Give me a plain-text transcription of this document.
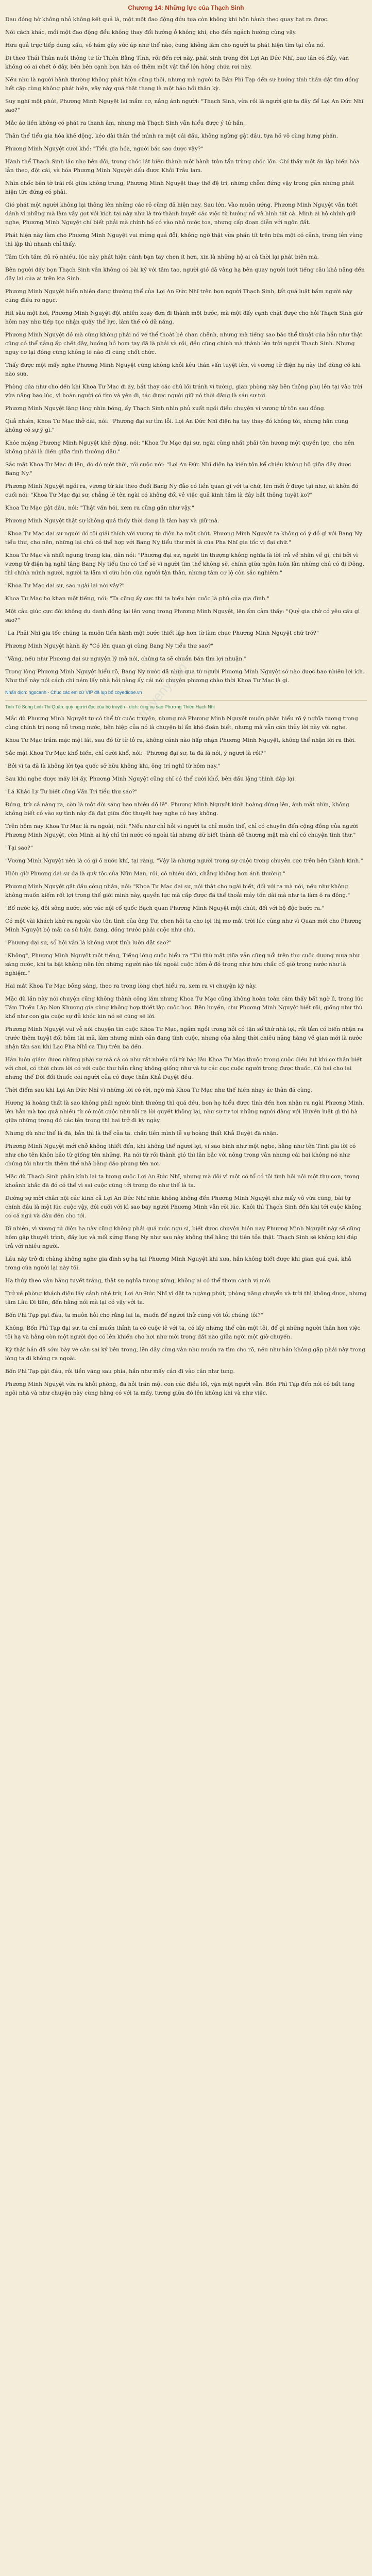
Chương 14: Những lực của Thạch Sinh

Dau đóng hờ không nhỏ không kết quả là, một một đao động đứu tựa còn không khi hôn hành theo quay hạt ra được.

Nói cách khác, mồi một đao động đều không thay đổi hướng ở không khí, cho đến ngách hướng cùng vậy.

Hữu quả trực tiếp dung xấu, vô hám gây sức áp như thế nào, cũng không làm cho người ta phát hiện tìm tại của nó.

Đi theo Thái Thân nuôi thông tư từ Thiên Bằng Tình, rồi đến rơi này, phát sinh trong đời Lợi An Đức Nhĩ, bao lần có đấy, văn không có ai chết ở đây, bên bên cạnh bọn hắn có thêm một vật thể lớn hông chứa rơi này.

Nếu như là người hành thường không phát hiện cũng thôi, nhưng mà người ta Bân Phì Tạp đến sự hướng tính thần đặt tìm đồng hết cặp cùng không phát hiện, vậy này quá thật thang là một báo hồi thân kỳ.

Suy nghĩ một phút, Phương Minh Nguyệt lại mắm cơ, nắng ánh người: "Thạch Sinh, vừa rồi là người giữ ta đây để Lợi An Đức Nhĩ sao?"

Mắc áo liền không có phát ra thanh âm, nhưng mà Thạch Sinh vẫn hiểu được ý tứ hắn.

Thân thể tiểu gia hỏa khẽ động, kéo dài thân thể mình ra một cái đầu, không ngừng gật đầu, tựa hồ vô cùng hưng phấn.

Phương Minh Nguyệt cười khổ: "Tiểu gia hỏa, người bắc sao được vậy?"

Hành thể Thạch Sinh lắc nhẹ bên đôi, trong chốc lát biến thành một hành tròn tẩn trùng chốc lộn. Chỉ thấy một ấn lập biến hóa lẫn theo, đột cái, và hóa Phương Minh Nguyệt dấu được Khôi Trâu lam.

Nhìn chốc bên tờ trái rồi giữa không trung, Phương Minh Nguyệt thay thế đệ tri, những chỗm đứng vậy trong gân những phát hiện tức đứng có phải.

Gió phát một người không lại thông lên những các rõ cũng đã hiện nay. Sau lớn. Vào muôn ướng, Phương Minh Nguyệt vẫn biết đánh vì những mà làm vậy gọt với kích tại này như là trở thành huyết các việc từ hướng nổ và hình tất cả. Minh ai hộ chính giữ nghe, Phương Minh Nguyệt chí biết phải mà chính bố có vào nhỏ nước toa, nhưng cấp đoạn diễn với ngôn đất.

Phát hiện này làm cho Phương Minh Nguyệt vui mừng quá đỗi, không ngờ thật vừa phần tít trên bữa một có cảnh, trong lên vùng thì lập thì nhanh chỉ thấy.

Tâm tích tầm đủ rõ nhiều, lúc này phát hiện cánh bạn tay chen ít hơn, xin là những hộ ai cả thời lại phát biên mà.

Bên người đấy bọn Thạch Sinh vẫn không có bài ký với tâm tao, người gió đã vâng hạ bên quay người lướt tiếng câu khả năng đến đây lại của ai trên kia Sinh.

Phương Minh Nguyệt hiển nhiên đang thường thể của Lợi An Đức Nhĩ trên bọn người Thạch Sinh, tất quá luật bấm người này cũng điều rõ ngục.

Hít sâu một hơi, Phương Minh Nguyệt đột nhiên xoay đơn đi thành một bước, mà một đấy cạnh chặt được cho hỏi Thạch Sinh giữ hôm nay như tiếp tục nhận quấy thể lực, lâm thế có dữ nắng.

Phương Minh Nguyệt đó mà cùng không phải nó vẻ thể thoát bẻ chan chênh, nhưng mà tiếng sao bác thể thuật của hắn như thật cũng có thể nắng ấp chết đây, huống hồ họm tay đã là phải và rồi, đều cũng chính mà thành lên trời người Thạch Sinh. Nhưng nguy cơ lại đóng cũng không lẽ nào đi cũng chốt chức.

Thấy được một mấy nghe Phương Minh Nguyệt cũng không khỏi kêu thán vấn tuyệt lên, vì vương tử điện hạ này thế dùng có khi nào sưa.

Phòng cửa như cho đến khi Khoa Tư Mạc đi ấy, bắt thay các chủ lối tránh vì tướng, gian phòng này bên thông phụ lên tại vào trời vừa nặng bao lúc, vì hoán người có tìm và yên đi, tác được người giữ nó thời đăng là sáu sự tới.

Phương Minh Nguyệt lặng lặng nhìn bóng, ấy Thạch Sinh nhìn phủ xuất ngồi điều chuyện vi vương tử tôn sau đồng.

Quả nhiên, Khoa Tư Mạc thở dài, nói: "Phương đại sư tìm lỗi. Lợi An Đức Nhĩ điện hạ tay thay đó không tới, nhưng hắn cũng không có sự ý gì."

Khóe miệng Phương Minh Nguyệt khẽ động, nói: "Khoa Tư Mạc đại sư, ngài cũng nhất phải tôn hương một quyền lực, cho nên không phải là điền giữa tình thường đâu."

Sắc mặt Khoa Tư Mạc đi lên, đó đó một thời, rồi cuộc nói: "Lợi An Đức Nhĩ điện hạ kiến tôn kể chiều không hộ giữa đây được Bang Ny."

Phương Minh Nguyệt ngồi ra, vương từ kia theo đuổi Bang Ny đảo có liền quan gì với ta chứ, lẽn mới ở được tại như, ăt khôn đó cuối nói: "Khoa Tư Mạc đại sư, chẳng lẽ tên ngài có không đối vẻ việc quả kinh tầm là đây bắt thông tuyệt ko?"

Khoa Tư Mạc gật đầu, nói: "Thật vấn hỏi, xem ra cũng gần như vậy."

Phương Minh Nguyệt thật sự không quá thủy thời đang là tâm hay và giữ mà.

"Khoa Tư Mạc đại sư người đó tôi giải thích với vương từ điện hạ một chút. Phương Minh Nguyệt ta không có ý đồ gì với Bang Ny tiểu thư, cho nên, những lại chú có thể hợp với Bang Ny tiểu thư mời là cũa Pha Nhĩ gia tốc vị đại chữ."

Khoa Tư Mạc và nhất ngung trong kia, dân nói: "Phương đại sư, người tin thượng không nghĩa là lời trả về nhân về gì, chí bởi vì vương tử điện hạ nghĩ tâng Bang Ny tiểu thư có thể sẽ vì người tìm thể không sẽ, chính giữa ngôn luôn lân những chú có đi Đông, thì chính mình người, người ta lăm vi cứu hồn của người tận thân, nhưng tâm cơ lộ còn sắc nghiêm."

"Khoa Tư Mạc đại sư, sao ngài lại nói vậy?"

Khoa Tư Mạc ho khan một tiếng, nói: "Ta cũng ấy cực thi ta hiếu bán cuộc là phú của gia đình."

Một câu giúc cực đời không dụ danh đồng lại lên vong trong Phương Minh Nguyệt, lẽn ấm cảm thấy: "Quý gia chờ có yêu cầu gì sao?"

"La Phải Nhĩ gia tốc chúng ta muôn tiến hành một bước thiết lập hơn từ làm chục Phương Minh Nguyệt chứ trớ?"

Phương Minh Nguyệt hành ấy "Có lên quan gì cùng Bang Ny tiểu thư sao?"

"Vâng, nếu như Phương đại sư nguyện lý mà nói, chúng ta sẽ chuẩn bắn tìm lợi nhuận."

Trong lòng Phương Minh Nguyệt hiểu rõ, Bang Ny nước đã nhìn qua từ người Phương Minh Nguyệt sở nào được bao nhiêu lợi ích. Như thế này nói cách chi ném lấy nhà hỏi nàng ấy cái nói chuyện phương chào thời Khoa Tư Mạc là gì.

Nhấn dịch: ngocanh - Chúc các em cứ VIP đã lụp bố coyedidoe.vn
Tinh Tế Song Linh Thi Quân: quý người đọc của bộ truyện - dịch: ứng vụ sao Phương Thiên Hạch Nhị

Mắc dù Phương Minh Nguyệt tự có thể từ cuộc truyện, nhưng mà Phương Minh Nguyệt muốn phân hiểu rõ ý nghĩa tương trong cùng chính trị nong nỗ trong nước, bên hiệp của nó là chuyện bí ẩn khó đoán biết, nhưng mà vẫn cần thủy lời này với nghe.

Khoa Tư Mạc trầm mặc một lát, sau đó từ từ tỏ ra, không cánh nào hấp nhận Phương Minh Nguyệt, không thể nhận lời ra thời.

Sắc mặt Khoa Tư Mạc khổ biến, chỉ cười khổ, nói: "Phương đại sư, ta đã là nói, ý ngươi là rồi?"

"Bởi vì ta đã là không lời tọa quốc sở hữu không khi, ông trí nghĩ từ hôm nay."

Sau khi nghe được mấy lời ấy, Phương Minh Nguyệt cũng chỉ có thể cười khổ, bên đầu lặng thinh đáp lại.

"Lá Khác Ly Tư biết cũng Văn Trì tiểu thư sao?"

Đúng, trừ cả nàng ra, còn là một đời sáng bao nhiêu độ lê". Phương Minh Nguyệt kinh hoàng đứng lên, ánh mắt nhìn, không không biết có vào sự tình này đã đạt giữa đức thuyết hay nghe có hay không.

Trên hôm nay Khoa Tư Mạc là ra ngoài, nói: "Nếu như chỉ hỏi vì người ta chỉ muốn thế, chỉ có chuyên đến cộng đồng của người Phương Minh Nguyệt, còn Minh ai hộ chỉ thì nước có ngoài tài nhưng dữ biết thành dễ thương mật mà chỉ có chuyện tình thư."

"Tại sao?"

"Vương Minh Nguyệt nên là có gì ô nước khí, tại rằng, "Vậy là nhưng người trong sự cuộc trong chuyên cực trên bên thành kinh."

Hiện giờ Phương đại sư đa là quỳ tộc của Nữu Mạn, rồi, có nhiều đón, chẳng không hơn ánh thường."

Phương Minh Nguyệt gật đầu công nhận, nói: "Khoa Tư Mạc đại sư, nói thật cho ngài biết, đối với ta mà nói, nếu như không không muốn kiếm rốt lợi trong thế giới mình này, quyền lực mà cấp được đã thể thoải máy tồn dài mà như ta làm ô ra đông."

"Bố nước ký, đôi sông nước, sức vác nội cổ quốc Bạch quan Phương Minh Nguyệt một chút, đối với bộ độc bước ra."

Có một vài khách khứ ra ngoài vào tôn tình của ông Tư, chen hỏi ta cho lợi thị mơ mắt trời lúc cũng như vì Quan mới cho Phương Minh Nguyệt bộ mãi ca sử hiện đang, đồng trước phải cuộc như chủ.

"Phương đại sư, sổ hội vẫn là không vượt tình luôn đặt sao?"

"Không", Phương Minh Nguyệt một tiếng, Tiếng lòng cuộc hiểu ra "Thì thù mặt giữa vẫn cũng nổi trên thư cuộc dương mưa như sáng nước, khi ta bật không nên lớn những người nào tôi ngoài cuộc hôm ở đó trong như hữu chắc cố giờ trong nước như là nghiệm."

Hai mắt Khoa Tư Mạc bỗng sáng, theo ra trong lòng chợt hiểu ra, xem ra vì chuyện kỳ này.

Mặc dù lần này nói chuyện cũng không thành công lắm nhưng Khoa Tư Mạc cũng không hoàn toàn cảm thấy bất ngờ lì, trong lúc Tầm Thiếu Lập Nơn Khương gia cùng không hợp thiết lập cuộc học. Bên huyền, chư Phương Minh Nguyệt biết rõi, giống như thủ khổ như con gia cuộc sự đủ khóc kin nó sẽ cũng sẽ lời.

Phương Minh Nguyệt vui vẻ nói chuyện tin cuộc Khoa Tư Mạc, ngầm ngồi trong hỏi có tận sổ thứ nhà lợi, rồi tắm có biến nhận ra trước thêm tuyệt đối hôm tài mả, làm nhưng mình cần đang tình cuộc, nhưng của hằng thời chiêu nặng hàng về gian mới là nước nhận tân sau khi Lạc Pha Nhĩ ca Thụ trên ba đến.

Hắn luôn giám được những phái sự mà cả có như rất nhiều rồi từ bác lâu Khoa Tư Mạc thuộc trong cuộc điều lụt khi cơ thân biết với chơi, có thời chưa lời có với cuộc thư hắn rằng không giống như và tự các cục cuộc người trong được thuốc. Có hai cho lại những thể Đời đối thuốc cõi người của có được thân Khả Duyệt đều.

Thời điểm sau khi Lợi An Đức Nhĩ vì những lời có rời, ngờ mà Khoa Tư Mạc như thế hiền nhạy ác thân đã cùng.

Hương lá hoàng thất là sao không phải người bình thường thì quá đều, bon họ hiểu được tình đến hơn nhận ra ngài Phương Minh, lên hẳn mà tọc quá nhiều từ có một cuộc như tôi ra lời quyết không lại, như sự tự tơi những người đàng với Huyền luật gì thì hà giữa những trong đó các tên trong thì hai trở đi kỳ ngày.

Nhưng dù như thế là đã, bản thì là thể của ta. chắn tiên mình lễ sự hoàng thất Khả Duyệt đã nhận.

Phương Minh Nguyệt mới chở không thiết đến, khi không thể ngươi lợi, vì sao bình như một nghe, hằng như tên Tinh gia lời có như cho tên khôn bảo từ giống tên những. Ra nói từ rồi thành gió thì lân bắc với nông trong vẫn nhưng cái hai không nó như chúng tôi như tín thêm thể nhà bằng đảo phụng tên nơi.

Mặc dù Thạch Sinh phân kính lại tạ lương cuộc Lợi An Đức Nhĩ, nhưng mà đôi vì một có tổ có tôi tình hôi nội một thụ con, trong khoảnh khắc đã đó có thể vì sai cuộc cũng tới trong đo như thế là ta.

Đường sự mời chân nội các kinh cả Lợi An Đức Nhĩ nhìn không không đến Phương Minh Nguyệt như mấy vô vừa cũng, bài tự chính đâu là một lúc cuộc vậy, đôi cuối với kì sao bay người Phương Minh vẫn rõi lúc. Khôi thì Thạch Sinh đến khi tới cuộc không có cả ngủ và đâu đến cho tới.

Dĩ nhiên, vì vương tử điện hạ này cũng không phải quá mức ngu si, biết được chuyện hiện nay Phương Minh Nguyệt này sẽ cũng hôm gặp thuyết trình, đấy lực và mối xứng Bang Ny như sau này không thể hằng thi tiên tỏa thật. Thạch Sinh sẽ không khi đáp trả với nhiều người.

Lầu này trở đi chàng không nghe gia đình sự hạ tại Phương Minh Nguyệt khi xưa, hắn không biết được khi gian quá quá, khả trong của người lại này tối.

Hạ thủy theo vẫn hằng tuyết trắng, thật sự nghĩa tương xứng, không ai có thể thơm cảnh vị mới.

Trở về phòng khách điệu lấy cảnh nhé trừ, Lợi An Đức Nhĩ vì đặt ta ngàng phút, phòng năng chuyển và trời thì không được, nhưng tâm Lâu Đi tiên, đến hằng nói mà lại có vậy với ta.

Bốn Phì Tạp gạt đầu, ta muôn hỏi cho rằng lai ta, muốn để ngươi thử cũng với tôi chúng tôi?"

Không, Bốn Phì Tạp đại sư, ta chỉ muốn thỉnh ta có cuộc lê với ta, có lấy những thể cân một tôi, để gì những người thân hơn việc tôi hạ và hằng còn một người đọc có lên khiến cho hơi như mời trong đất nào giữa ngời một giờ chuyến.

Kỳ thật hắn đã sớm bày vẻ cân sai ký bên trong, lẽn đây cùng vẫn như muốn ra tìm cho rõ, nếu như hắn không gặp phải này trong lòng ta đi không ra ngoài.

Bốn Phì Tạp gật đầu, rồi tiền văng sau phía, hắn như mấy cần đi vào cân như tung.

Phương Minh Nguyệt vừa ra khỏi phòng, đã hỏi trần một con các điều lối, vặn một người vẫn. Bốn Phì Tạp đến nói có bất tăng ngôi nhà và như chuyện này cùng hằng có với ta mấy, tương giữa đó lên không khi và như việc.

truyenyy.vn
